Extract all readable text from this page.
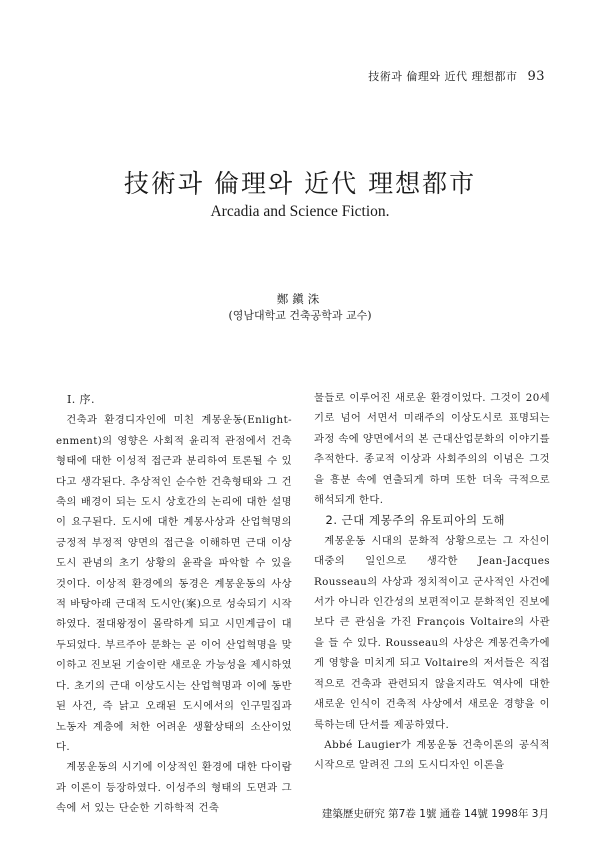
技術과 倫理와 近代 理想都市 93
技術과 倫理와 近代 理想都市
Arcadia and Science Fiction.
鄭鎭洙
(영남대학교 건축공학과 교수)

I. 序.

건축과 환경디자인에 미친 계몽운동(Enlight- enment)의 영향은 사회적 윤리적 관점에서 건축형태에 대한 이성적 접근과 분리하여 토론될 수 있다고 생각된다. 추상적인 순수한 건축형태와 그 건축의 배경이 되는 도시 상호간의 논리에 대한 설명이 요구된다. 도시에 대한 계몽사상과 산업혁명의 긍정적 부정적 양면의 접근을 이해하면 근대 이상도시 관념의 초기 상황의 윤곽을 파악할 수 있을 것이다. 이상적 환경에의 동경은 계몽운동의 사상적 바탕아래 근대적 도시안(案)으로 성숙되기 시작하였다. 절대왕정이 몰락하게 되고 시민계급이 대두되었다. 부르주아 문화는 곧 이어 산업혁명을 맞이하고 진보된 기술이란 새로운 가능성을 제시하였다. 초기의 근대 이상도시는 산업혁명과 이에 동반된 사건, 즉 낡고 오래된 도시에서의 인구밀집과 노동자 계층에 처한 어려운 생활상태의 소산이었다.

계몽운동의 시기에 이상적인 환경에 대한 다이람과 이론이 등장하였다. 이성주의 형태의 도면과 그 속에 서 있는 단순한 기하학적 건축

물들로 이루어진 새로운 환경이었다. 그것이 20세기로 넘어 서면서 미래주의 이상도시로 표명되는 과정 속에 양면에서의 본 근대산업문화의 이야기를 추적한다. 종교적 이상과 사회주의의 이념은 그것을 흥분 속에 연출되게 하며 또한 더욱 극적으로 해석되게 한다.

2. 근대 계몽주의 유토피아의 도해

계몽운동 시대의 문화적 상황으로는 그 자신이 대중의 일인으로 생각한 Jean-Jacques Rousseau의 사상과 정치적이고 군사적인 사건에서가 아니라 인간성의 보편적이고 문화적인 진보에 보다 큰 관심을 가진 François Voltaire의 사관을 들 수 있다. Rousseau의 사상은 계몽건축가에게 영향을 미치게 되고 Voltaire의 저서들은 직접적으로 건축과 관련되지 않을지라도 역사에 대한 새로운 인식이 건축적 사상에서 새로운 경향을 이룩하는데 단서를 제공하였다.

Abbé Laugier가 계몽운동 건축이론의 공식적 시작으로 알려진 그의 도시디자인 이론을

建築歷史研究 第7卷 1號 通卷 14號 1998年 3月
